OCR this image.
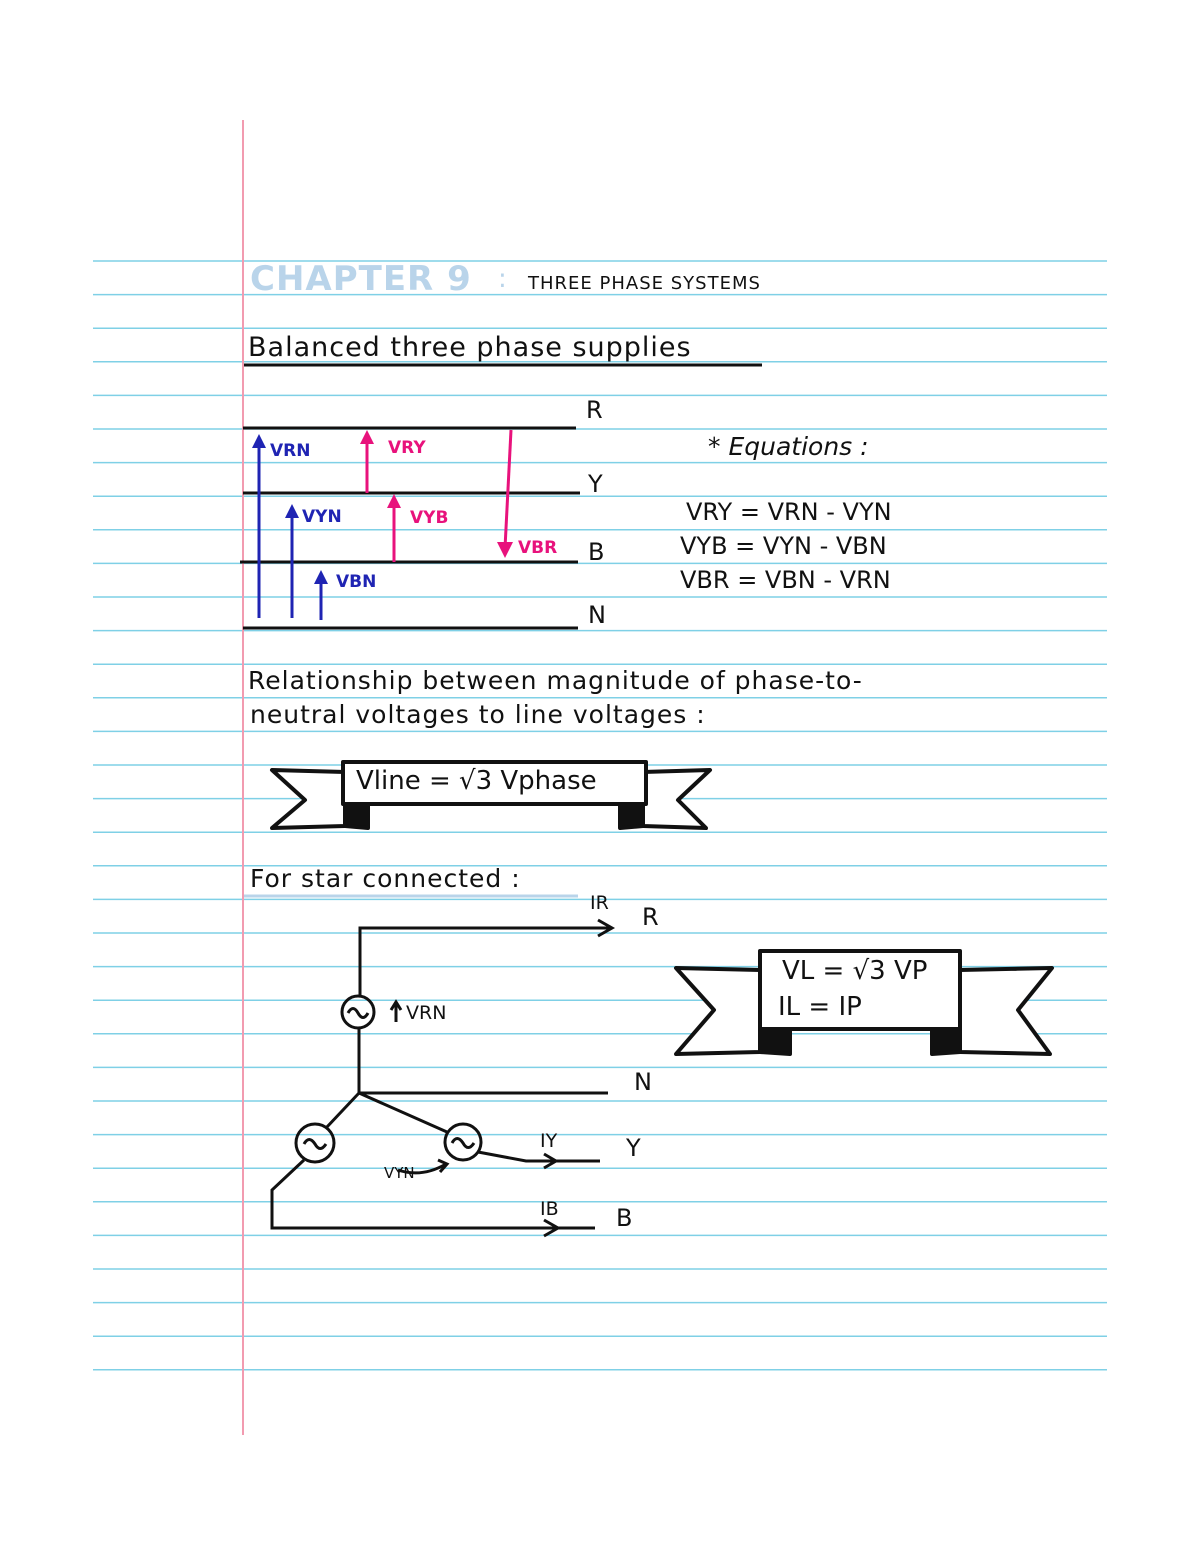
CHAPTER 9 : THREE PHASE SYSTEMS
Balanced three phase supplies
R
Y
B
N
VRN
VYN
VBN
VRY
VYB
VBR
* Equations :
VRY = VRN - VYN
VYB = VYN - VBN
VBR = VBN - VRN
Relationship between magnitude of phase-to-
neutral voltages to line voltages :
Vline = √3 Vphase
For star connected :
IR R
VRN
N
IY	Y
VYN
IB B
VL = √3 VP
IL = IP
